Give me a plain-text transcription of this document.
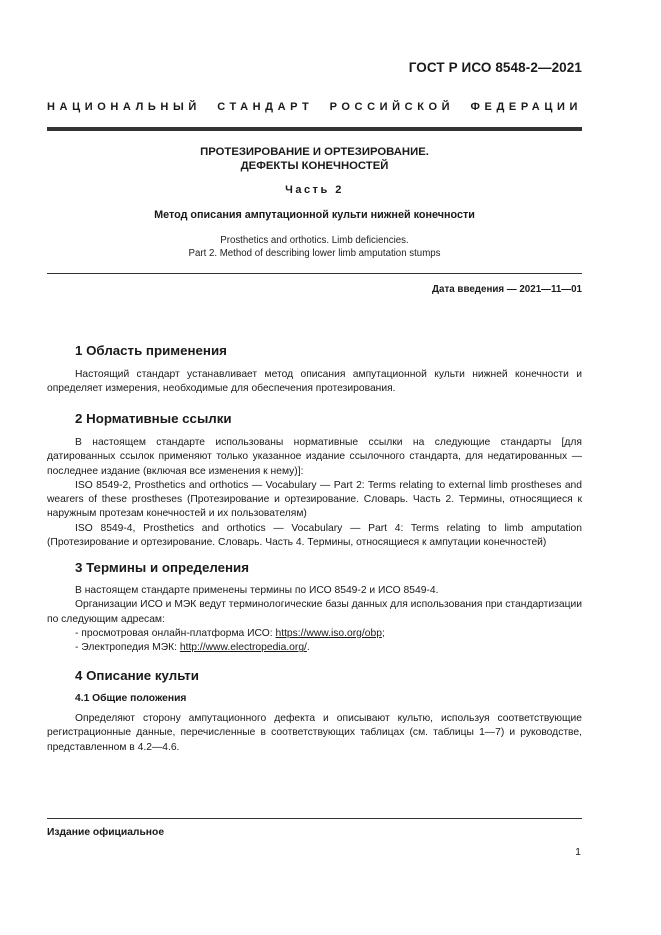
ГОСТ Р ИСО 8548-2—2021
НАЦИОНАЛЬНЫЙ СТАНДАРТ РОССИЙСКОЙ ФЕДЕРАЦИИ
ПРОТЕЗИРОВАНИЕ И ОРТЕЗИРОВАНИЕ.
ДЕФЕКТЫ КОНЕЧНОСТЕЙ
Часть 2
Метод описания ампутационной культи нижней конечности
Prosthetics and orthotics. Limb deficiencies.
Part 2. Method of describing lower limb amputation stumps
Дата введения — 2021—11—01
1 Область применения

Настоящий стандарт устанавливает метод описания ампутационной культи нижней конечности и определяет измерения, необходимые для обеспечения протезирования.

2 Нормативные ссылки

В настоящем стандарте использованы нормативные ссылки на следующие стандарты [для датированных ссылок применяют только указанное издание ссылочного стандарта, для недатированных — последнее издание (включая все изменения к нему)]:

ISO 8549-2, Prosthetics and orthotics — Vocabulary — Part 2: Terms relating to external limb prostheses and wearers of these prostheses (Протезирование и ортезирование. Словарь. Часть 2. Термины, относящиеся к наружным протезам конечностей и их пользователям)

ISO 8549-4, Prosthetics and orthotics — Vocabulary — Part 4: Terms relating to limb amputation (Протезирование и ортезирование. Словарь. Часть 4. Термины, относящиеся к ампутации конечностей)

3 Термины и определения

В настоящем стандарте применены термины по ИСО 8549-2 и ИСО 8549-4.

Организации ИСО и МЭК ведут терминологические базы данных для использования при стандартизации по следующим адресам:

- просмотровая онлайн-платформа ИСО: https://www.iso.org/obp;

- Электропедия МЭК: http://www.electropedia.org/.

4 Описание культи
4.1 Общие положения

Определяют сторону ампутационного дефекта и описывают культю, используя соответствующие регистрационные данные, перечисленные в соответствующих таблицах (см. таблицы 1—7) и руководстве, представленном в 4.2—4.6.

Издание официальное
1
